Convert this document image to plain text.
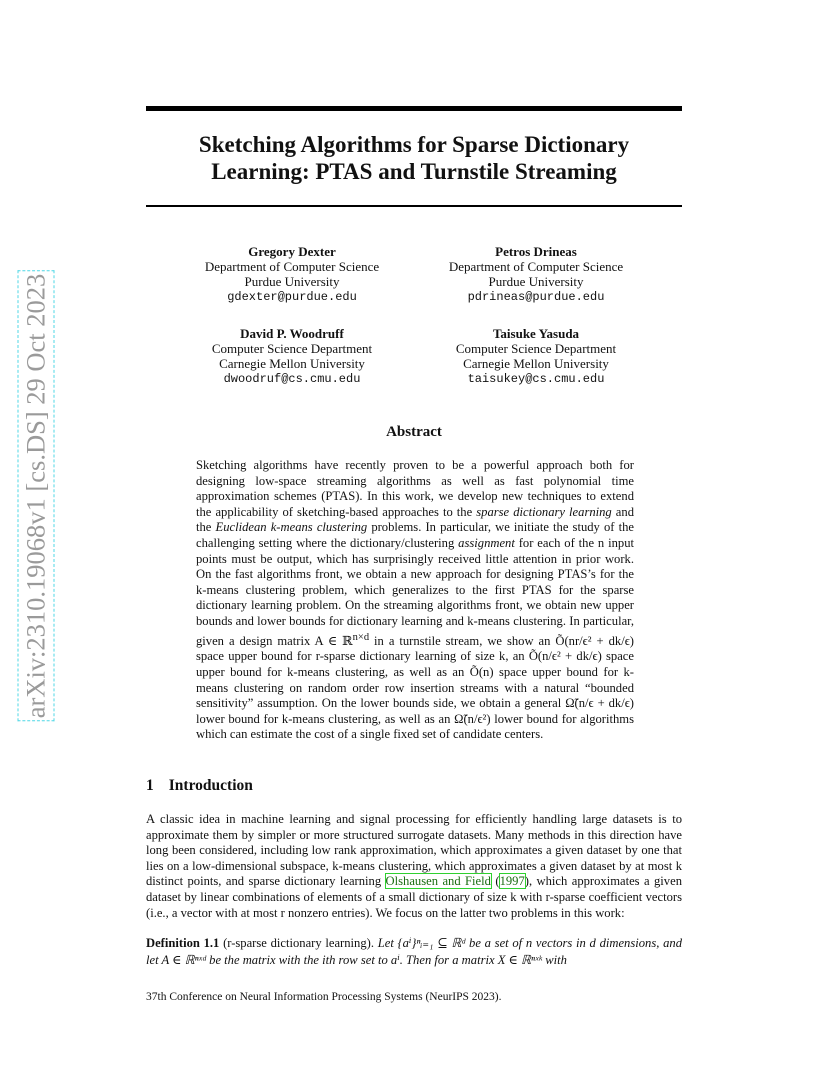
arXiv:2310.19068v1 [cs.DS] 29 Oct 2023
Sketching Algorithms for Sparse Dictionary
Learning: PTAS and Turnstile Streaming
Gregory Dexter
Department of Computer Science
Purdue University
gdexter@purdue.edu
Petros Drineas
Department of Computer Science
Purdue University
pdrineas@purdue.edu
David P. Woodruff
Computer Science Department
Carnegie Mellon University
dwoodruf@cs.cmu.edu
Taisuke Yasuda
Computer Science Department
Carnegie Mellon University
taisukey@cs.cmu.edu
Abstract
Sketching algorithms have recently proven to be a powerful approach both for designing low-space streaming algorithms as well as fast polynomial time approximation schemes (PTAS). In this work, we develop new techniques to extend the applicability of sketching-based approaches to the sparse dictionary learning and the Euclidean k-means clustering problems. In particular, we initiate the study of the challenging setting where the dictionary/clustering assignment for each of the n input points must be output, which has surprisingly received little attention in prior work. On the fast algorithms front, we obtain a new approach for designing PTAS’s for the k-means clustering problem, which generalizes to the first PTAS for the sparse dictionary learning problem. On the streaming algorithms front, we obtain new upper bounds and lower bounds for dictionary learning and k-means clustering. In particular, given a design matrix A ∈ ℝ$^{n\times d}$ in a turnstile stream, we show an Õ(nr/ϵ² + dk/ϵ) space upper bound for r-sparse dictionary learning of size k, an Õ(n/ϵ² + dk/ϵ) space upper bound for k-means clustering, as well as an Õ(n) space upper bound for k-means clustering on random order row insertion streams with a natural “bounded sensitivity” assumption. On the lower bounds side, we obtain a general Ω̃(n/ϵ + dk/ϵ) lower bound for k-means clustering, as well as an Ω̃(n/ϵ²) lower bound for algorithms which can estimate the cost of a single fixed set of candidate centers.
1 Introduction
A classic idea in machine learning and signal processing for efficiently handling large datasets is to approximate them by simpler or more structured surrogate datasets. Many methods in this direction have long been considered, including low rank approximation, which approximates a given dataset by one that lies on a low-dimensional subspace, k-means clustering, which approximates a given dataset by at most k distinct points, and sparse dictionary learning Olshausen and Field (1997), which approximates a given dataset by linear combinations of elements of a small dictionary of size k with r-sparse coefficient vectors (i.e., a vector with at most r nonzero entries). We focus on the latter two problems in this work:
Definition 1.1 (r-sparse dictionary learning). Let {aⁱ}ⁿᵢ₌₁ ⊆ ℝᵈ be a set of n vectors in d dimensions, and let A ∈ ℝⁿˣᵈ be the matrix with the ith row set to aⁱ. Then for a matrix X ∈ ℝⁿˣᵏ with
37th Conference on Neural Information Processing Systems (NeurIPS 2023).
